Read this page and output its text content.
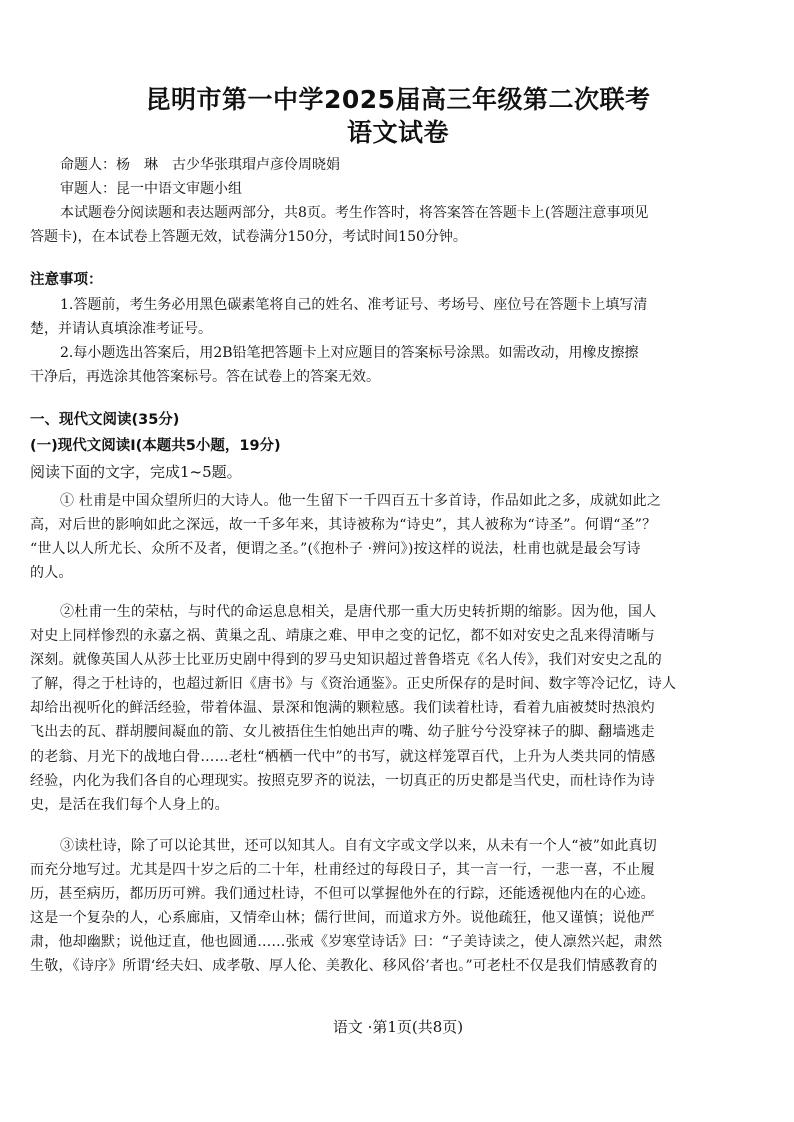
昆明市第一中学2025届高三年级第二次联考
语文试卷
命题人：杨　琳　古少华张琪瑁卢彦伶周晓娟
审题人：昆一中语文审题小组
本试题卷分阅读题和表达题两部分，共8页。考生作答时，将答案答在答题卡上(答题注意事项见
答题卡)，在本试卷上答题无效，试卷满分150分，考试时间150分钟。
注意事项：
1.答题前，考生务必用黑色碳素笔将自己的姓名、准考证号、考场号、座位号在答题卡上填写清
楚，并请认真填涂准考证号。
2.每小题选出答案后，用2B铅笔把答题卡上对应题目的答案标号涂黑。如需改动，用橡皮擦擦
干净后，再选涂其他答案标号。答在试卷上的答案无效。
一、现代文阅读(35分)
(一)现代文阅读Ⅰ(本题共5小题，19分)
阅读下面的文字，完成1~5题。
① 杜甫是中国众望所归的大诗人。他一生留下一千四百五十多首诗，作品如此之多，成就如此之
高，对后世的影响如此之深远，故一千多年来，其诗被称为“诗史”，其人被称为“诗圣”。何谓“圣”？
“世人以人所尤长、众所不及者，便谓之圣。”(《抱朴子 ·辨问》)按这样的说法，杜甫也就是最会写诗
的人。
②杜甫一生的荣枯，与时代的命运息息相关，是唐代那一重大历史转折期的缩影。因为他，国人
对史上同样惨烈的永嘉之祸、黄巢之乱、靖康之难、甲申之变的记忆，都不如对安史之乱来得清晰与
深刻。就像英国人从莎士比亚历史剧中得到的罗马史知识超过普鲁塔克《名人传》，我们对安史之乱的
了解，得之于杜诗的，也超过新旧《唐书》与《资治通鉴》。正史所保存的是时间、数字等冷记忆，诗人
却给出视听化的鲜活经验，带着体温、景深和饱满的颗粒感。我们读着杜诗，看着九庙被焚时热浪灼
飞出去的瓦、群胡腰间凝血的箭、女儿被捂住生怕她出声的嘴、幼子脏兮兮没穿袜子的脚、翻墙逃走
的老翁、月光下的战地白骨……老杜“栖栖一代中”的书写，就这样笼罩百代，上升为人类共同的情感
经验，内化为我们各自的心理现实。按照克罗齐的说法，一切真正的历史都是当代史，而杜诗作为诗
史，是活在我们每个人身上的。
③读杜诗，除了可以论其世，还可以知其人。自有文字或文学以来，从未有一个人“被”如此真切
而充分地写过。尤其是四十岁之后的二十年，杜甫经过的每段日子，其一言一行，一悲一喜，不止履
历，甚至病历，都历历可辨。我们通过杜诗，不但可以掌握他外在的行踪，还能透视他内在的心迹。
这是一个复杂的人，心系廊庙，又情牵山林；儒行世间，而道求方外。说他疏狂，他又谨慎；说他严
肃，他却幽默；说他迂直，他也圆通……张戒《岁寒堂诗话》曰：“子美诗读之，使人凛然兴起，肃然
生敬，《诗序》所谓‘经夫妇、成孝敬、厚人伦、美教化、移风俗’者也。”可老杜不仅是我们情感教育的
语文 ·第1页(共8页)
